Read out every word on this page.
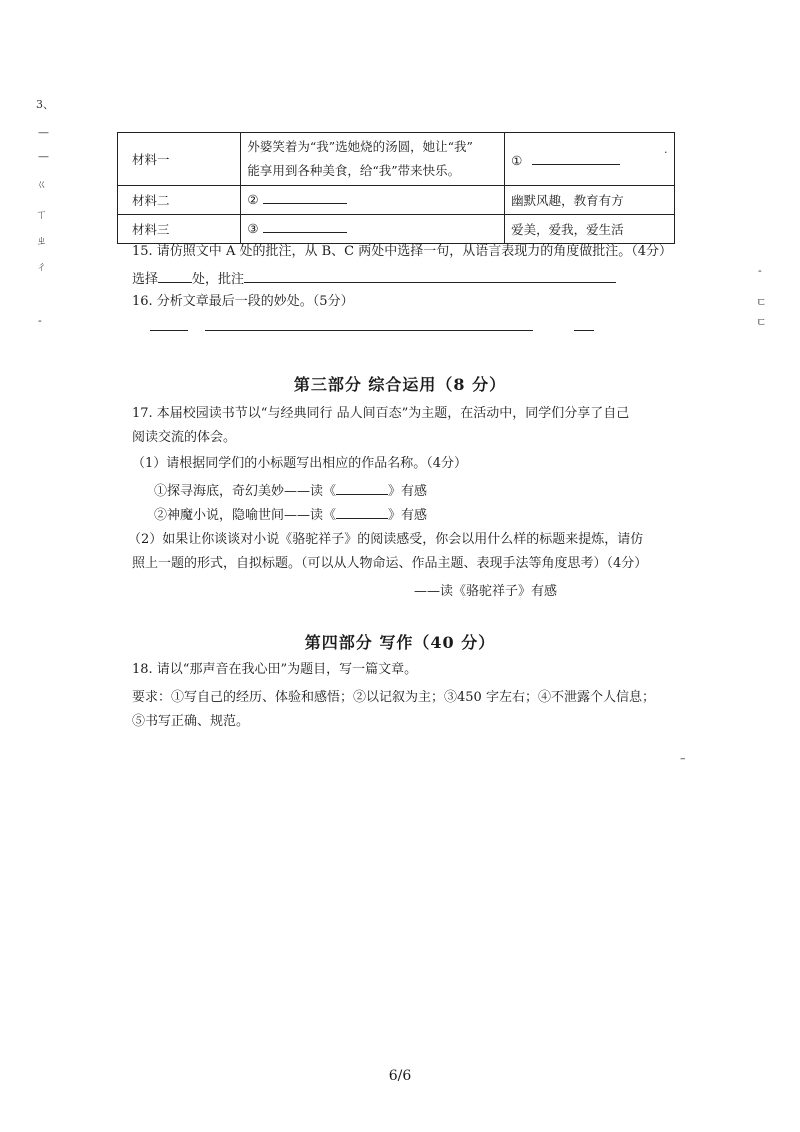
3、
—
—
ㄍ
ㄒ
ㄓ
ㄔ
-
材料一	外婆笑着为“我”选她烧的汤圆，她让“我”
能享用到各种美食，给“我”带来快乐。	①
材料二	②	幽默风趣，教育有方
材料三	③	爱美，爱我，爱生活
15. 请仿照文中 A 处的批注，从 B、C 两处中选择一句，从语言表现力的角度做批注。（4分）
选择	处，批注
16. 分析文章最后一段的妙处。（5分）
第三部分 综合运用（8 分）
17. 本届校园读书节以“与经典同行 品人间百态”为主题，在活动中，同学们分享了自己
阅读交流的体会。
（1）请根据同学们的小标题写出相应的作品名称。（4分）
①探寻海底，奇幻美妙——读《	》有感
②神魔小说，隐喻世间——读《	》有感
（2）如果让你谈谈对小说《骆驼祥子》的阅读感受，你会以用什么样的标题来提炼，请仿
照上一题的形式，自拟标题。（可以从人物命运、作品主题、表现手法等角度思考）（4分）
——读《骆驼祥子》有感
第四部分 写作（40 分）
18. 请以“那声音在我心田”为题目，写一篇文章。
要求：①写自己的经历、体验和感悟；②以记叙为主；③450 字左右；④不泄露个人信息；
⑤书写正确、规范。
·
-
ㄷ
ㄷ
–
6/6
